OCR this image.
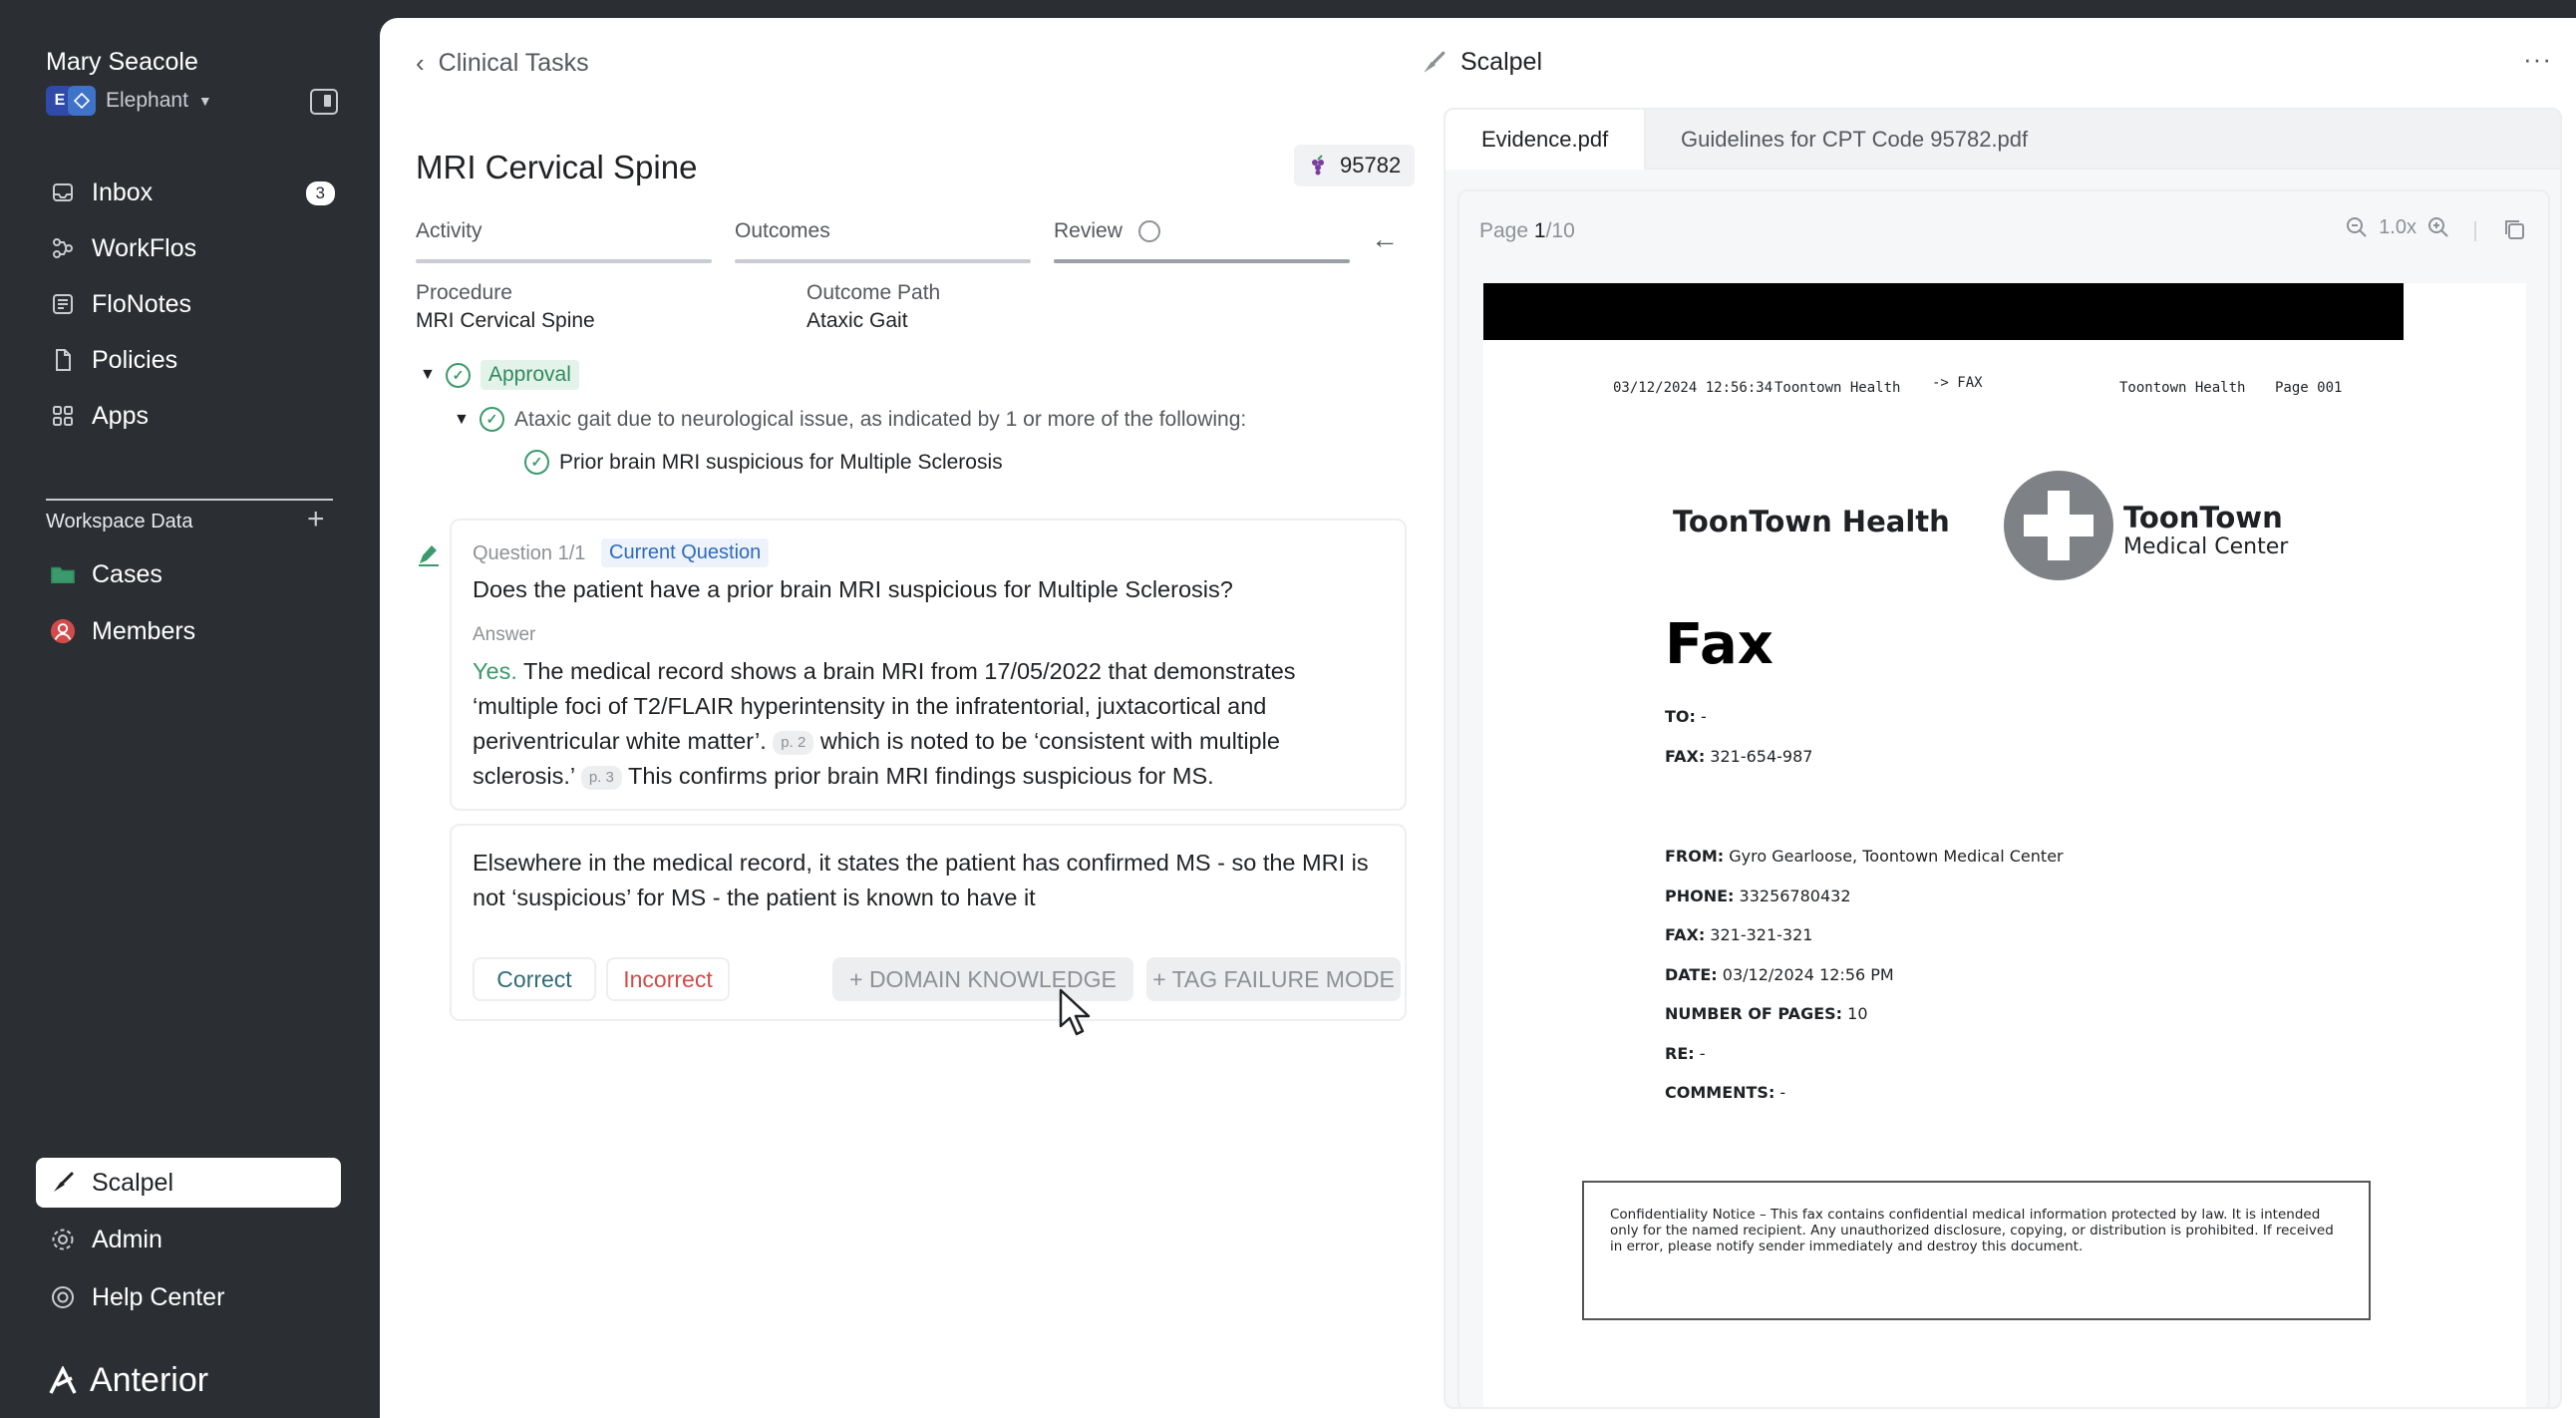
Mary Seacole
E	Elephant ▼
Inbox	3
WorkFlos
FloNotes
Policies
Apps
Workspace Data	+
Cases
Members
Scalpel
Admin
Help Center
Anterior
‹ Clinical Tasks	Scalpel	···
MRI Cervical Spine	95782
Activity	Outcomes	Review	←
Procedure
MRI Cervical Spine
Outcome Path
Ataxic Gait
▼	✓	Approval
▼	✓ Ataxic gait due to neurological issue, as indicated by 1 or more of the following:
✓ Prior brain MRI suspicious for Multiple Sclerosis
Question 1/1	Current Question
Does the patient have a prior brain MRI suspicious for Multiple Sclerosis?
Answer
Yes. The medical record shows a brain MRI from 17/05/2022 that demonstrates ‘multiple foci of T2/FLAIR hyperintensity in the infratentorial, juxtacortical and periventricular white matter’. p. 2 which is noted to be ‘consistent with multiple sclerosis.’ p. 3 This confirms prior brain MRI findings suspicious for MS.
Elsewhere in the medical record, it states the patient has confirmed MS - so the MRI is not ‘suspicious’ for MS - the patient is known to have it
Correct	Incorrect	+ DOMAIN KNOWLEDGE	+ TAG FAILURE MODE
Evidence.pdf	Guidelines for CPT Code 95782.pdf
Page 1/10	1.0x
03/12/2024 12:56:34 Toontown Health -> FAX	Toontown Health Page 001
ToonTown Health	ToonTown
Medical Center
Fax
TO: -
FAX: 321-654-987
FROM: Gyro Gearloose, Toontown Medical Center
PHONE: 33256780432
FAX: 321-321-321
DATE: 03/12/2024 12:56 PM
NUMBER OF PAGES: 10
RE: -
COMMENTS: -
Confidentiality Notice – This fax contains confidential medical information protected by law. It is intended only for the named recipient. Any unauthorized disclosure, copying, or distribution is prohibited. If received in error, please notify sender immediately and destroy this document.
